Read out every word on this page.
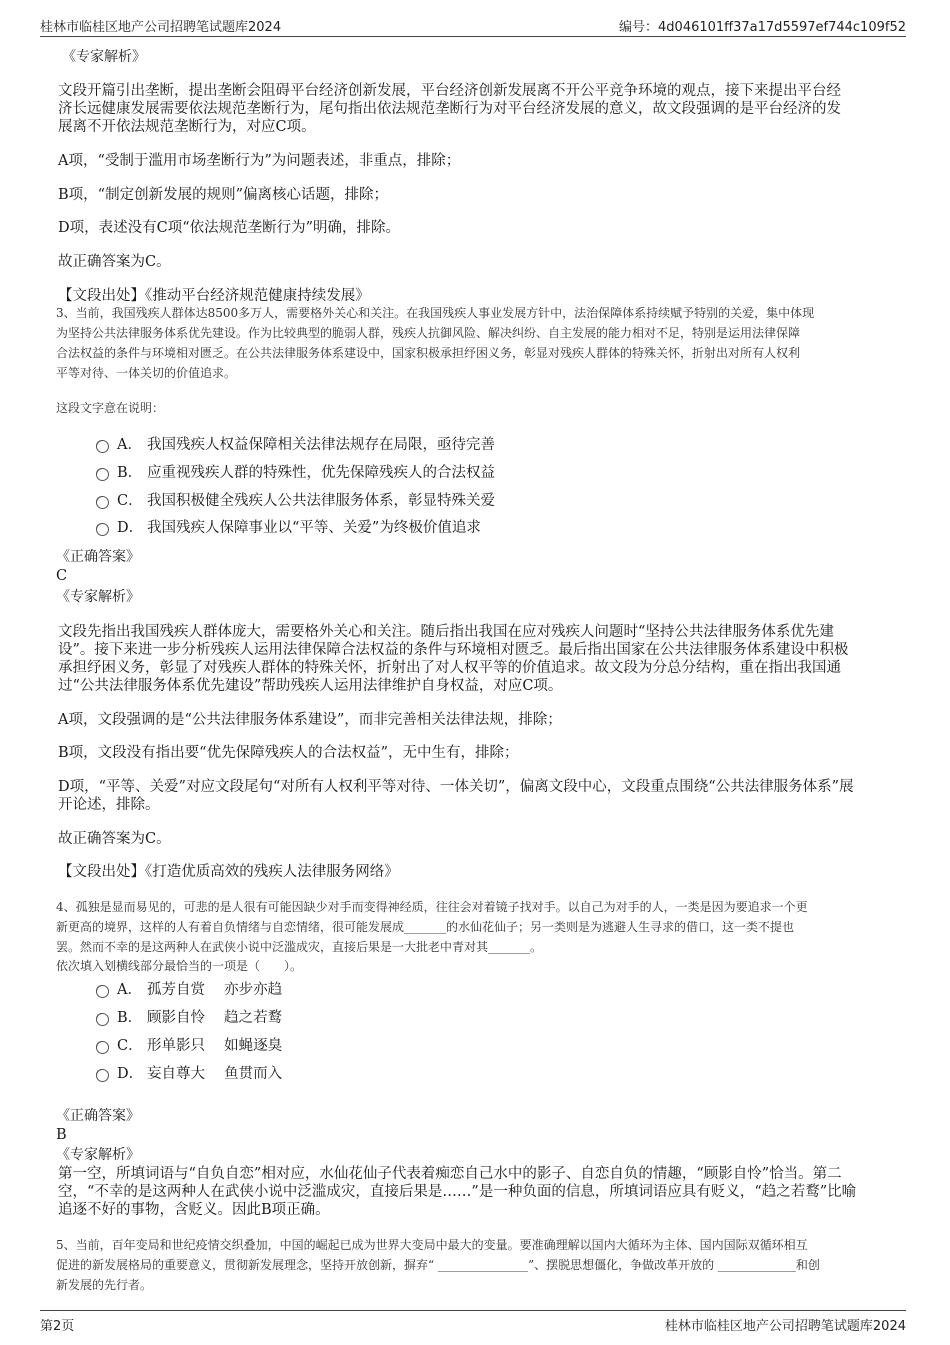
桂林市临桂区地产公司招聘笔试题库2024	编号：4d046101ff37a17d5597ef744c109f52
《专家解析》
文段开篇引出垄断，提出垄断会阻碍平台经济创新发展，平台经济创新发展离不开公平竞争环境的观点，接下来提出平台经
济长远健康发展需要依法规范垄断行为，尾句指出依法规范垄断行为对平台经济发展的意义，故文段强调的是平台经济的发
展离不开依法规范垄断行为，对应C项。
A项，“受制于滥用市场垄断行为”为问题表述，非重点，排除；
B项，“制定创新发展的规则”偏离核心话题，排除；
D项，表述没有C项“依法规范垄断行为”明确，排除。
故正确答案为C。
【文段出处】《推动平台经济规范健康持续发展》
3、当前，我国残疾人群体达8500多万人，需要格外关心和关注。在我国残疾人事业发展方针中，法治保障体系持续赋予特别的关爱，集中体现
为坚持公共法律服务体系优先建设。作为比较典型的脆弱人群，残疾人抗御风险、解决纠纷、自主发展的能力相对不足，特别是运用法律保障
合法权益的条件与环境相对匮乏。在公共法律服务体系建设中，国家积极承担纾困义务，彰显对残疾人群体的特殊关怀，折射出对所有人权利
平等对待、一体关切的价值追求。
这段文字意在说明：
A． 我国残疾人权益保障相关法律法规存在局限，亟待完善
B． 应重视残疾人群的特殊性，优先保障残疾人的合法权益
C． 我国积极健全残疾人公共法律服务体系，彰显特殊关爱
D． 我国残疾人保障事业以“平等、关爱”为终极价值追求
《正确答案》
C
《专家解析》
文段先指出我国残疾人群体庞大，需要格外关心和关注。随后指出我国在应对残疾人问题时“坚持公共法律服务体系优先建
设”。接下来进一步分析残疾人运用法律保障合法权益的条件与环境相对匮乏。最后指出国家在公共法律服务体系建设中积极
承担纾困义务，彰显了对残疾人群体的特殊关怀，折射出了对人权平等的价值追求。故文段为分总分结构，重在指出我国通
过“公共法律服务体系优先建设”帮助残疾人运用法律维护自身权益，对应C项。
A项，文段强调的是“公共法律服务体系建设”，而非完善相关法律法规，排除；
B项，文段没有指出要“优先保障残疾人的合法权益”，无中生有，排除；
D项，“平等、关爱”对应文段尾句“对所有人权利平等对待、一体关切”，偏离文段中心，文段重点围绕“公共法律服务体系”展
开论述，排除。
故正确答案为C。
【文段出处】《打造优质高效的残疾人法律服务网络》
4、孤独是显而易见的，可悲的是人很有可能因缺少对手而变得神经质，往往会对着镜子找对手。以自己为对手的人，一类是因为要追求一个更
新更高的境界，这样的人有着自负情绪与自恋情绪，很可能发展成_______的水仙花仙子；另一类则是为逃避人生寻求的借口，这一类不提也
罢。然而不幸的是这两种人在武侠小说中泛滥成灾，直接后果是一大批老中青对其_______。
依次填入划横线部分最恰当的一项是（　　）。
A． 孤芳自赏　 亦步亦趋
B． 顾影自怜　 趋之若鹜
C． 形单影只　 如蝇逐臭
D． 妄自尊大　 鱼贯而入
《正确答案》
B
《专家解析》
第一空，所填词语与“自负自恋”相对应，水仙花仙子代表着痴恋自己水中的影子、自恋自负的情趣，“顾影自怜”恰当。第二
空，“不幸的是这两种人在武侠小说中泛滥成灾，直接后果是……”是一种负面的信息，所填词语应具有贬义，“趋之若鹜”比喻
追逐不好的事物，含贬义。因此B项正确。
5、当前，百年变局和世纪疫情交织叠加，中国的崛起已成为世界大变局中最大的变量。要准确理解以国内大循环为主体、国内国际双循环相互
促进的新发展格局的重要意义，贯彻新发展理念，坚持开放创新，摒弃“ _______________”、摆脱思想僵化，争做改革开放的 _____________和创
新发展的先行者。
第2页	桂林市临桂区地产公司招聘笔试题库2024
